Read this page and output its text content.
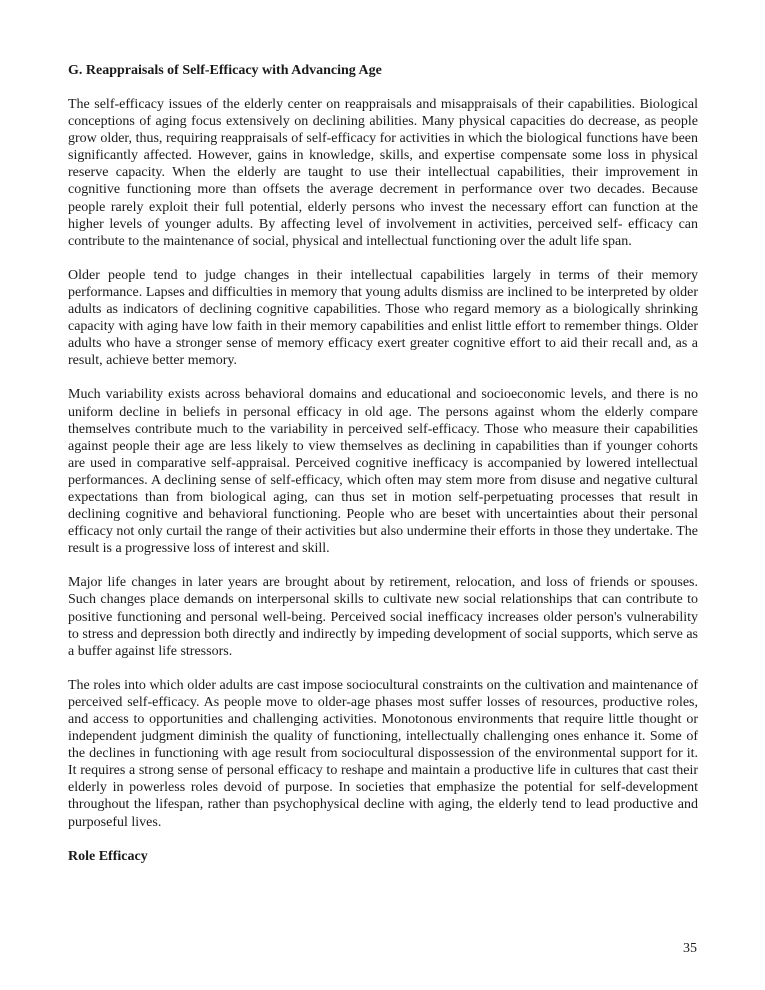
G. Reappraisals of Self-Efficacy with Advancing Age

The self-efficacy issues of the elderly center on reappraisals and misappraisals of their capabilities. Biological conceptions of aging focus extensively on declining abilities. Many physical capacities do decrease, as people grow older, thus, requiring reappraisals of self-efficacy for activities in which the biological functions have been significantly affected. However, gains in knowledge, skills, and expertise compensate some loss in physical reserve capacity. When the elderly are taught to use their intellectual capabilities, their improvement in cognitive functioning more than offsets the average decrement in performance over two decades. Because people rarely exploit their full potential, elderly persons who invest the necessary effort can function at the higher levels of younger adults. By affecting level of involvement in activities, perceived self- efficacy can contribute to the maintenance of social, physical and intellectual functioning over the adult life span.

Older people tend to judge changes in their intellectual capabilities largely in terms of their memory performance. Lapses and difficulties in memory that young adults dismiss are inclined to be interpreted by older adults as indicators of declining cognitive capabilities. Those who regard memory as a biologically shrinking capacity with aging have low faith in their memory capabilities and enlist little effort to remember things. Older adults who have a stronger sense of memory efficacy exert greater cognitive effort to aid their recall and, as a result, achieve better memory.

Much variability exists across behavioral domains and educational and socioeconomic levels, and there is no uniform decline in beliefs in personal efficacy in old age. The persons against whom the elderly compare themselves contribute much to the variability in perceived self-efficacy. Those who measure their capabilities against people their age are less likely to view themselves as declining in capabilities than if younger cohorts are used in comparative self-appraisal. Perceived cognitive inefficacy is accompanied by lowered intellectual performances. A declining sense of self-efficacy, which often may stem more from disuse and negative cultural expectations than from biological aging, can thus set in motion self-perpetuating processes that result in declining cognitive and behavioral functioning. People who are beset with uncertainties about their personal efficacy not only curtail the range of their activities but also undermine their efforts in those they undertake. The result is a progressive loss of interest and skill.

Major life changes in later years are brought about by retirement, relocation, and loss of friends or spouses. Such changes place demands on interpersonal skills to cultivate new social relationships that can contribute to positive functioning and personal well-being. Perceived social inefficacy increases older person's vulnerability to stress and depression both directly and indirectly by impeding development of social supports, which serve as a buffer against life stressors.

The roles into which older adults are cast impose sociocultural constraints on the cultivation and maintenance of perceived self-efficacy. As people move to older-age phases most suffer losses of resources, productive roles, and access to opportunities and challenging activities. Monotonous environments that require little thought or independent judgment diminish the quality of functioning, intellectually challenging ones enhance it. Some of the declines in functioning with age result from sociocultural dispossession of the environmental support for it. It requires a strong sense of personal efficacy to reshape and maintain a productive life in cultures that cast their elderly in powerless roles devoid of purpose. In societies that emphasize the potential for self-development throughout the lifespan, rather than psychophysical decline with aging, the elderly tend to lead productive and purposeful lives.

Role Efficacy
35
